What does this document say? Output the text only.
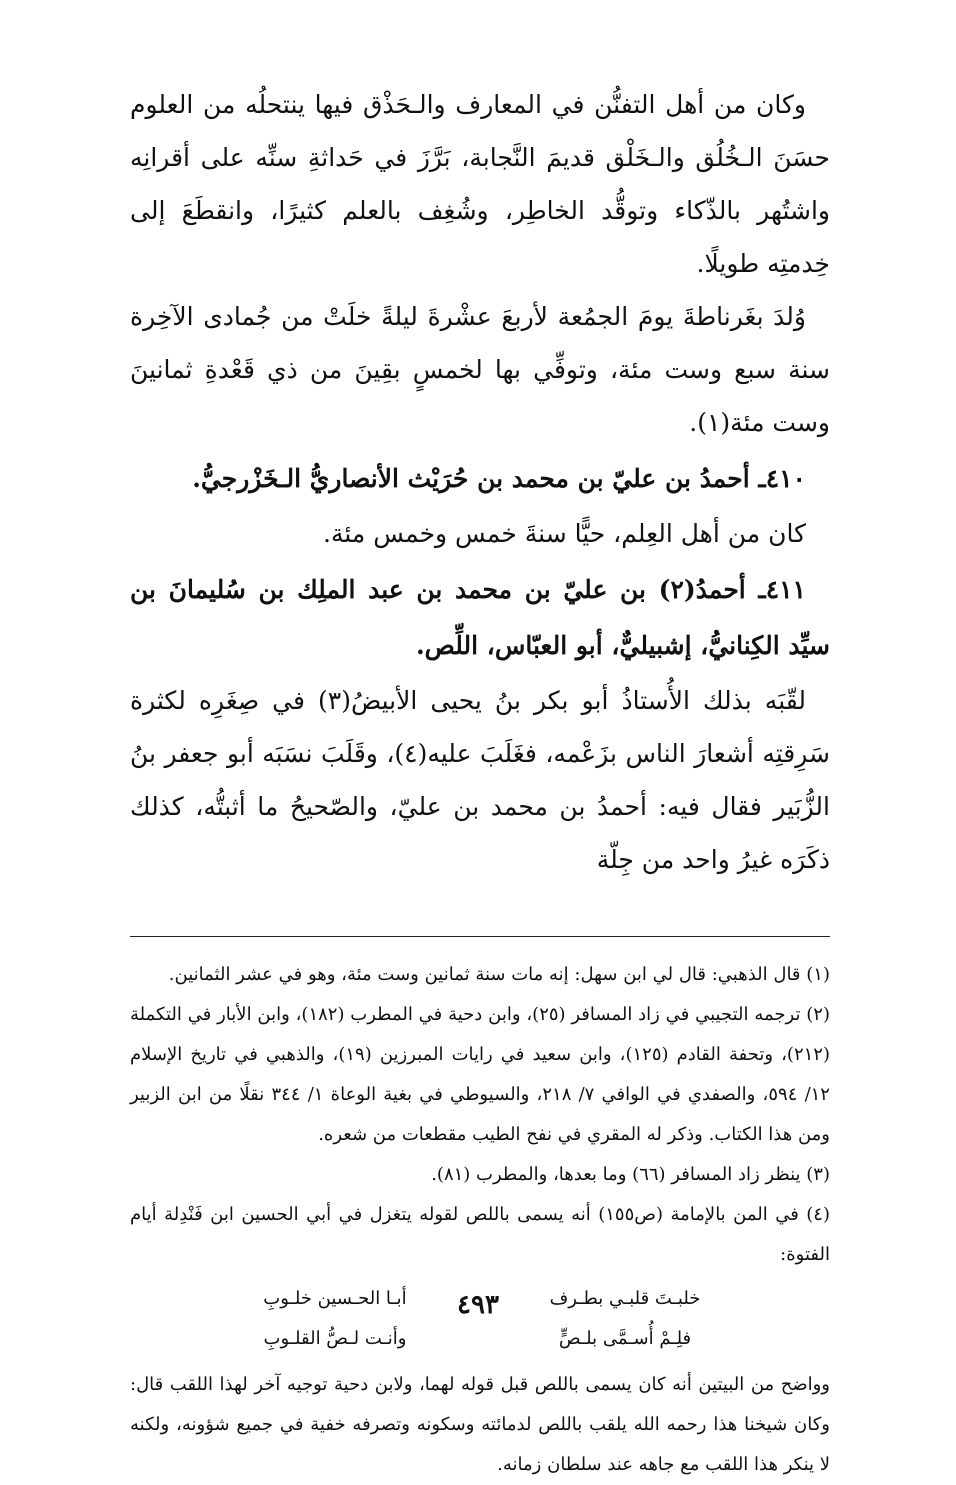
وكان من أهل التفنُّن في المعارف والـحَذْق فيها ينتحلُه من العلوم حسَنَ الـخُلُق والـخَلْق قديمَ النَّجابة، بَرَّزَ في حَداثةِ سنِّه على أقرانِه واشتُهر بالذّكاء وتوقُّد الخاطِر، وشُغِف بالعلم كثيرًا، وانقطَعَ إلى خِدمتِه طويلًا.

وُلدَ بغَرناطةَ يومَ الجمُعة لأربعَ عشْرةَ ليلةً خلَتْ من جُمادى الآخِرة سنة سبع وست مئة، وتوفِّي بها لخمسٍ بقِينَ من ذي قَعْدةِ ثمانينَ وست مئة(١).

٤١٠ـ أحمدُ بن عليّ بن محمد بن حُرَيْث الأنصاريُّ الـخَزْرجيُّ.

كان من أهل العِلم، حيًّا سنةَ خمس وخمس مئة.

٤١١ـ أحمدُ(٢) بن عليّ بن محمد بن عبد الملِك بن سُليمانَ بن سيِّد الكِنانيُّ، إشبيليٌّ، أبو العبّاس، اللِّص.

لقّبَه بذلك الأُستاذُ أبو بكر بنُ يحيى الأبيضُ(٣) في صِغَرِه لكثرة سَرِقتِه أشعارَ الناس بزَعْمه، فغَلَبَ عليه(٤)، وقَلَبَ نسَبَه أبو جعفر بنُ الزُّبَير فقال فيه: أحمدُ بن محمد بن عليّ، والصّحيحُ ما أثبتُّه، كذلك ذكَرَه غيرُ واحد من جِلّة

(١) قال الذهبي: قال لي ابن سهل: إنه مات سنة ثمانين وست مئة، وهو في عشر الثمانين.

(٢) ترجمه التجيبي في زاد المسافر (٢٥)، وابن دحية في المطرب (١٨٢)، وابن الأبار في التكملة (٢١٢)، وتحفة القادم (١٢٥)، وابن سعيد في رايات المبرزين (١٩)، والذهبي في تاريخ الإسلام ١٢/ ٥٩٤، والصفدي في الوافي ٧/ ٢١٨، والسيوطي في بغية الوعاة ١/ ٣٤٤ نقلًا من ابن الزبير ومن هذا الكتاب. وذكر له المقري في نفح الطيب مقطعات من شعره.

(٣) ينظر زاد المسافر (٦٦) وما بعدها، والمطرب (٨١).

(٤) في المن بالإمامة (ص١٥٥) أنه يسمى باللص لقوله يتغزل في أبي الحسين ابن فَنْدِلة أيام الفتوة:

خلبـتَ قلبـي بطـرف
أبـا الحـسين خلـوبِ
فلِـمْ أُسـمَّى بلـصٍّ
وأنـت لـصُّ القلـوبِ

وواضح من البيتين أنه كان يسمى باللص قبل قوله لهما، ولابن دحية توجيه آخر لهذا اللقب قال: وكان شيخنا هذا رحمه الله يلقب باللص لدمائته وسكونه وتصرفه خفية في جميع شؤونه، ولكنه لا ينكر هذا اللقب مع جاهه عند سلطان زمانه.

٤٩٣
